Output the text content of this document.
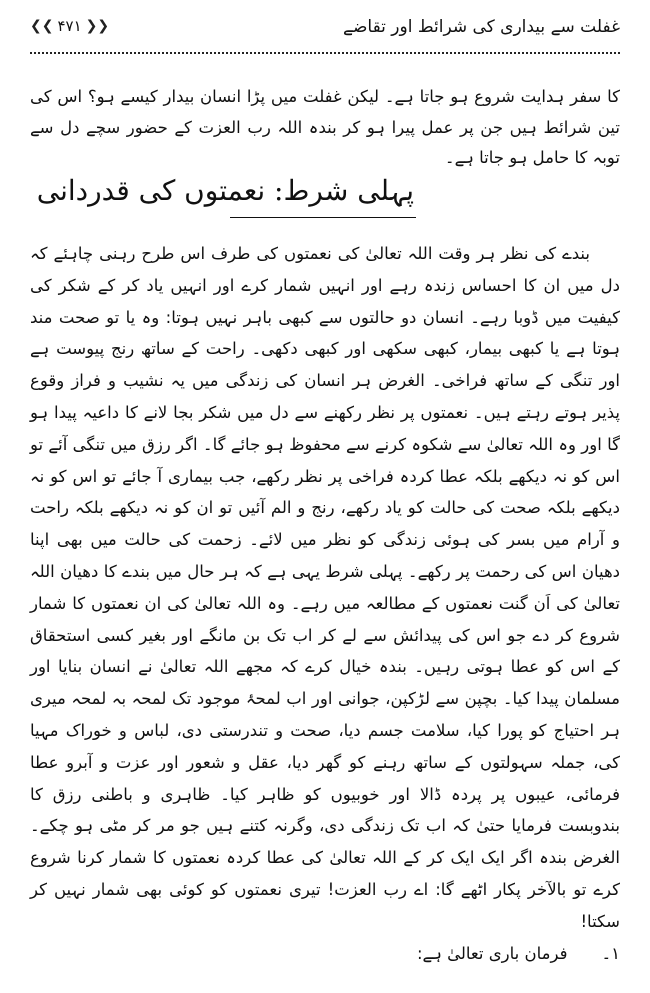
غفلت سے بیداری کی شرائط اور تقاضے
❮❮ ۴۷۱ ❯❯

کا سفر ہدایت شروع ہو جاتا ہے۔ لیکن غفلت میں پڑا انسان بیدار کیسے ہو؟ اس کی تین شرائط ہیں جن پر عمل پیرا ہو کر بندہ اللہ رب العزت کے حضور سچے دل سے توبہ کا حامل ہو جاتا ہے۔

پہلی شرط: نعمتوں کی قدردانی

بندے کی نظر ہر وقت اللہ تعالیٰ کی نعمتوں کی طرف اس طرح رہنی چاہئے کہ دل میں ان کا احساس زندہ رہے اور انہیں شمار کرے اور انہیں یاد کر کے شکر کی کیفیت میں ڈوبا رہے۔ انسان دو حالتوں سے کبھی باہر نہیں ہوتا: وہ یا تو صحت مند ہوتا ہے یا کبھی بیمار، کبھی سکھی اور کبھی دکھی۔ راحت کے ساتھ رنج پیوست ہے اور تنگی کے ساتھ فراخی۔ الغرض ہر انسان کی زندگی میں یہ نشیب و فراز وقوع پذیر ہوتے رہتے ہیں۔ نعمتوں پر نظر رکھنے سے دل میں شکر بجا لانے کا داعیہ پیدا ہو گا اور وہ اللہ تعالیٰ سے شکوہ کرنے سے محفوظ ہو جائے گا۔ اگر رزق میں تنگی آئے تو اس کو نہ دیکھے بلکہ عطا کردہ فراخی پر نظر رکھے، جب بیماری آ جائے تو اس کو نہ دیکھے بلکہ صحت کی حالت کو یاد رکھے، رنج و الم آئیں تو ان کو نہ دیکھے بلکہ راحت و آرام میں بسر کی ہوئی زندگی کو نظر میں لائے۔ زحمت کی حالت میں بھی اپنا دھیان اس کی رحمت پر رکھے۔ پہلی شرط یہی ہے کہ ہر حال میں بندے کا دھیان اللہ تعالیٰ کی اَن گنت نعمتوں کے مطالعہ میں رہے۔ وہ اللہ تعالیٰ کی ان نعمتوں کا شمار شروع کر دے جو اس کی پیدائش سے لے کر اب تک بن مانگے اور بغیر کسی استحقاق کے اس کو عطا ہوتی رہیں۔ بندہ خیال کرے کہ مجھے اللہ تعالیٰ نے انسان بنایا اور مسلمان پیدا کیا۔ بچپن سے لڑکپن، جوانی اور اب لمحۂ موجود تک لمحہ بہ لمحہ میری ہر احتیاج کو پورا کیا، سلامت جسم دیا، صحت و تندرستی دی، لباس و خوراک مہیا کی، جملہ سہولتوں کے ساتھ رہنے کو گھر دیا، عقل و شعور اور عزت و آبرو عطا فرمائی، عیبوں پر پردہ ڈالا اور خوبیوں کو ظاہر کیا۔ ظاہری و باطنی رزق کا بندوبست فرمایا حتیٰ کہ اب تک زندگی دی، وگرنہ کتنے ہیں جو مر کر مٹی ہو چکے۔ الغرض بندہ اگر ایک ایک کر کے اللہ تعالیٰ کی عطا کردہ نعمتوں کا شمار کرنا شروع کرے تو بالآخر پکار اٹھے گا: اے رب العزت! تیری نعمتوں کو کوئی بھی شمار نہیں کر سکتا!

۱۔
فرمان باری تعالیٰ ہے:
